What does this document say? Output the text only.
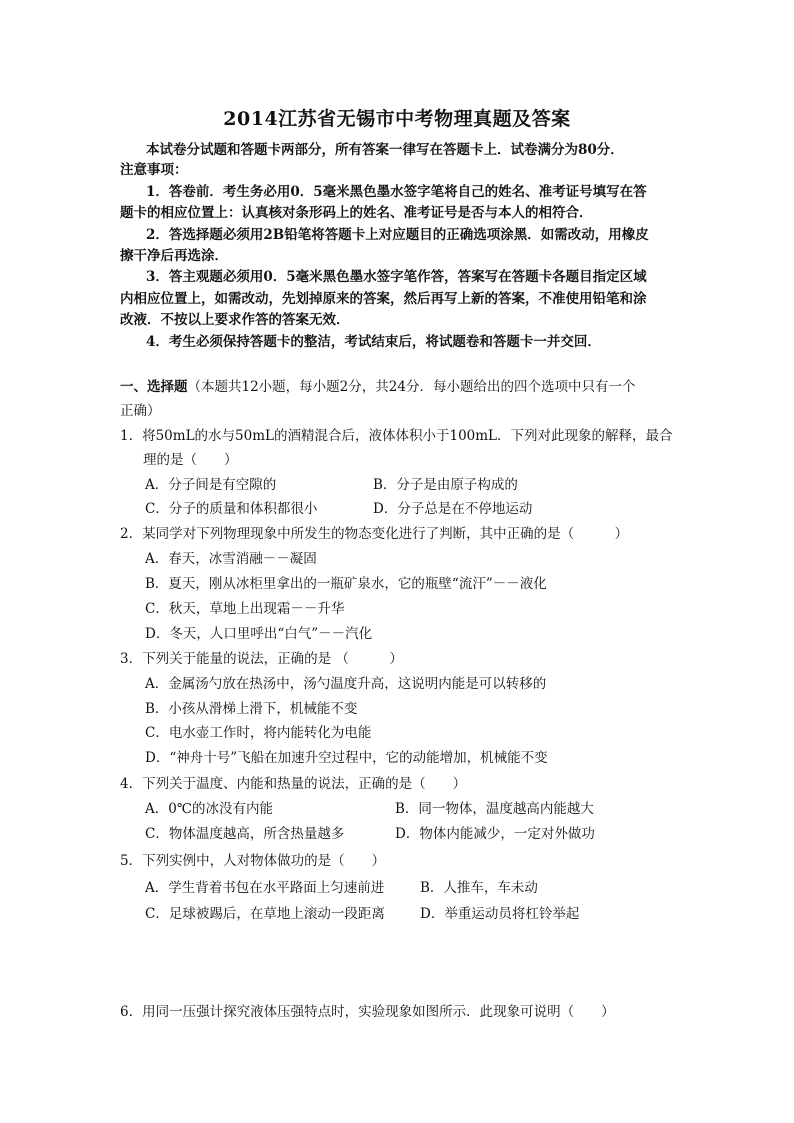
2014江苏省无锡市中考物理真题及答案
本试卷分试题和答题卡两部分，所有答案一律写在答题卡上．试卷满分为80分．
注意事项：
1．答卷前．考生务必用0．5毫米黑色墨水签字笔将自己的姓名、准考证号填写在答
题卡的相应位置上：认真核对条形码上的姓名、准考证号是否与本人的相符合．
2．答选择题必须用2B铅笔将答题卡上对应题目的正确选项涂黑．如需改动，用橡皮
擦干净后再选涂．
3．答主观题必须用0．5毫米黑色墨水签字笔作答，答案写在答题卡各题目指定区域
内相应位置上，如需改动，先划掉原来的答案，然后再写上新的答案，不准使用铅笔和涂
改液．不按以上要求作答的答案无效．
4．考生必须保持答题卡的整洁，考试结束后，将试题卷和答题卡一并交回．
一、选择题（本题共12小题，每小题2分，共24分．每小题给出的四个选项中只有一个
正确）
1．将50mL的水与50mL的酒精混合后，液体体积小于100mL．下列对此现象的解释，最合
理的是（　　）
A．分子间是有空隙的	B．分子是由原子构成的
C．分子的质量和体积都很小	D．分子总是在不停地运动
2．某同学对下列物理现象中所发生的物态变化进行了判断，其中正确的是（　　　）
A．春天，冰雪消融－－凝固
B．夏天，刚从冰柜里拿出的一瓶矿泉水，它的瓶壁“流汗”－－液化
C．秋天，草地上出现霜－－升华
D．冬天，人口里呼出“白气”－－汽化
3．下列关于能量的说法，正确的是 （　　　）
A．金属汤勺放在热汤中，汤勺温度升高，这说明内能是可以转移的
B．小孩从滑梯上滑下，机械能不变
C．电水壶工作时，将内能转化为电能
D．“神舟十号”飞船在加速升空过程中，它的动能增加，机械能不变
4．下列关于温度、内能和热量的说法，正确的是（　　）
A．0℃的冰没有内能	B．同一物体，温度越高内能越大
C．物体温度越高，所含热量越多	D．物体内能减少，一定对外做功
5．下列实例中，人对物体做功的是（　　）
A．学生背着书包在水平路面上匀速前进	B．人推车，车未动
C．足球被踢后，在草地上滚动一段距离	D．举重运动员将杠铃举起
6．用同一压强计探究液体压强特点时，实验现象如图所示．此现象可说明（　　）
